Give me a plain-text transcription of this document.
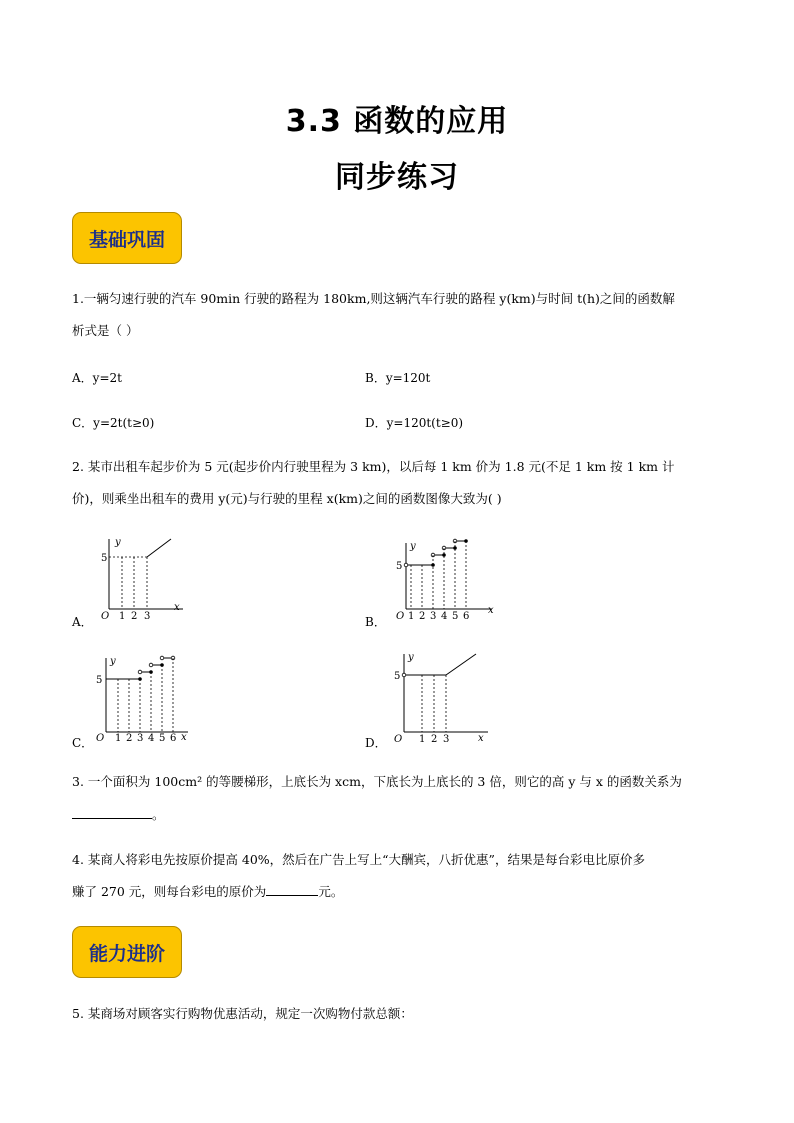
3.3 函数的应用
同步练习
基础巩固
1.一辆匀速行驶的汽车 90min 行驶的路程为 180km,则这辆汽车行驶的路程 y(km)与时间 t(h)之间的函数解
析式是（ ）
A．y=2t	B．y=120t
C．y=2t(t≥0)	D．y=120t(t≥0)
2. 某市出租车起步价为 5 元(起步价内行驶里程为 3 km)，以后每 1 km 价为 1.8 元(不足 1 km 按 1 km 计
价)，则乘坐出租车的费用 y(元)与行驶的里程 x(km)之间的函数图像大致为( )
A．
y
x
O
5
1 2 3	B．
y
x
O
5
1 2 3 4 5 6
C．
y
x
O
5
1 2 3 4 5 6	D．
y
x
O
5
1 2 3
3. 一个面积为 100cm² 的等腰梯形，上底长为 xcm，下底长为上底长的 3 倍，则它的高 y 与 x 的函数关系为
。
4. 某商人将彩电先按原价提高 40%，然后在广告上写上“大酬宾，八折优惠”，结果是每台彩电比原价多
赚了 270 元，则每台彩电的原价为	元。
能力进阶
5. 某商场对顾客实行购物优惠活动，规定一次购物付款总额：
